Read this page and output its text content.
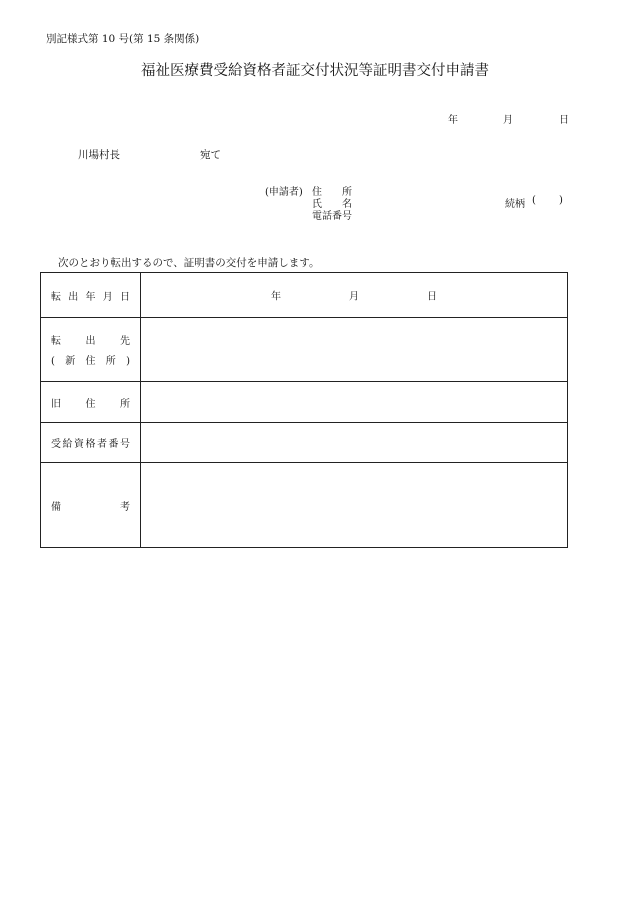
別記様式第 10 号(第 15 条関係)
福祉医療費受給資格者証交付状況等証明書交付申請書
年	月	日
川場村長	宛て
(申請者) 住　　所
氏　　名
電話番号
続柄 ( )
次のとおり転出するので、証明書の交付を申請します。
転出年月日	年 月 日

転出先
(新住所)	

旧住所	

受給資格者番号	

備考	
